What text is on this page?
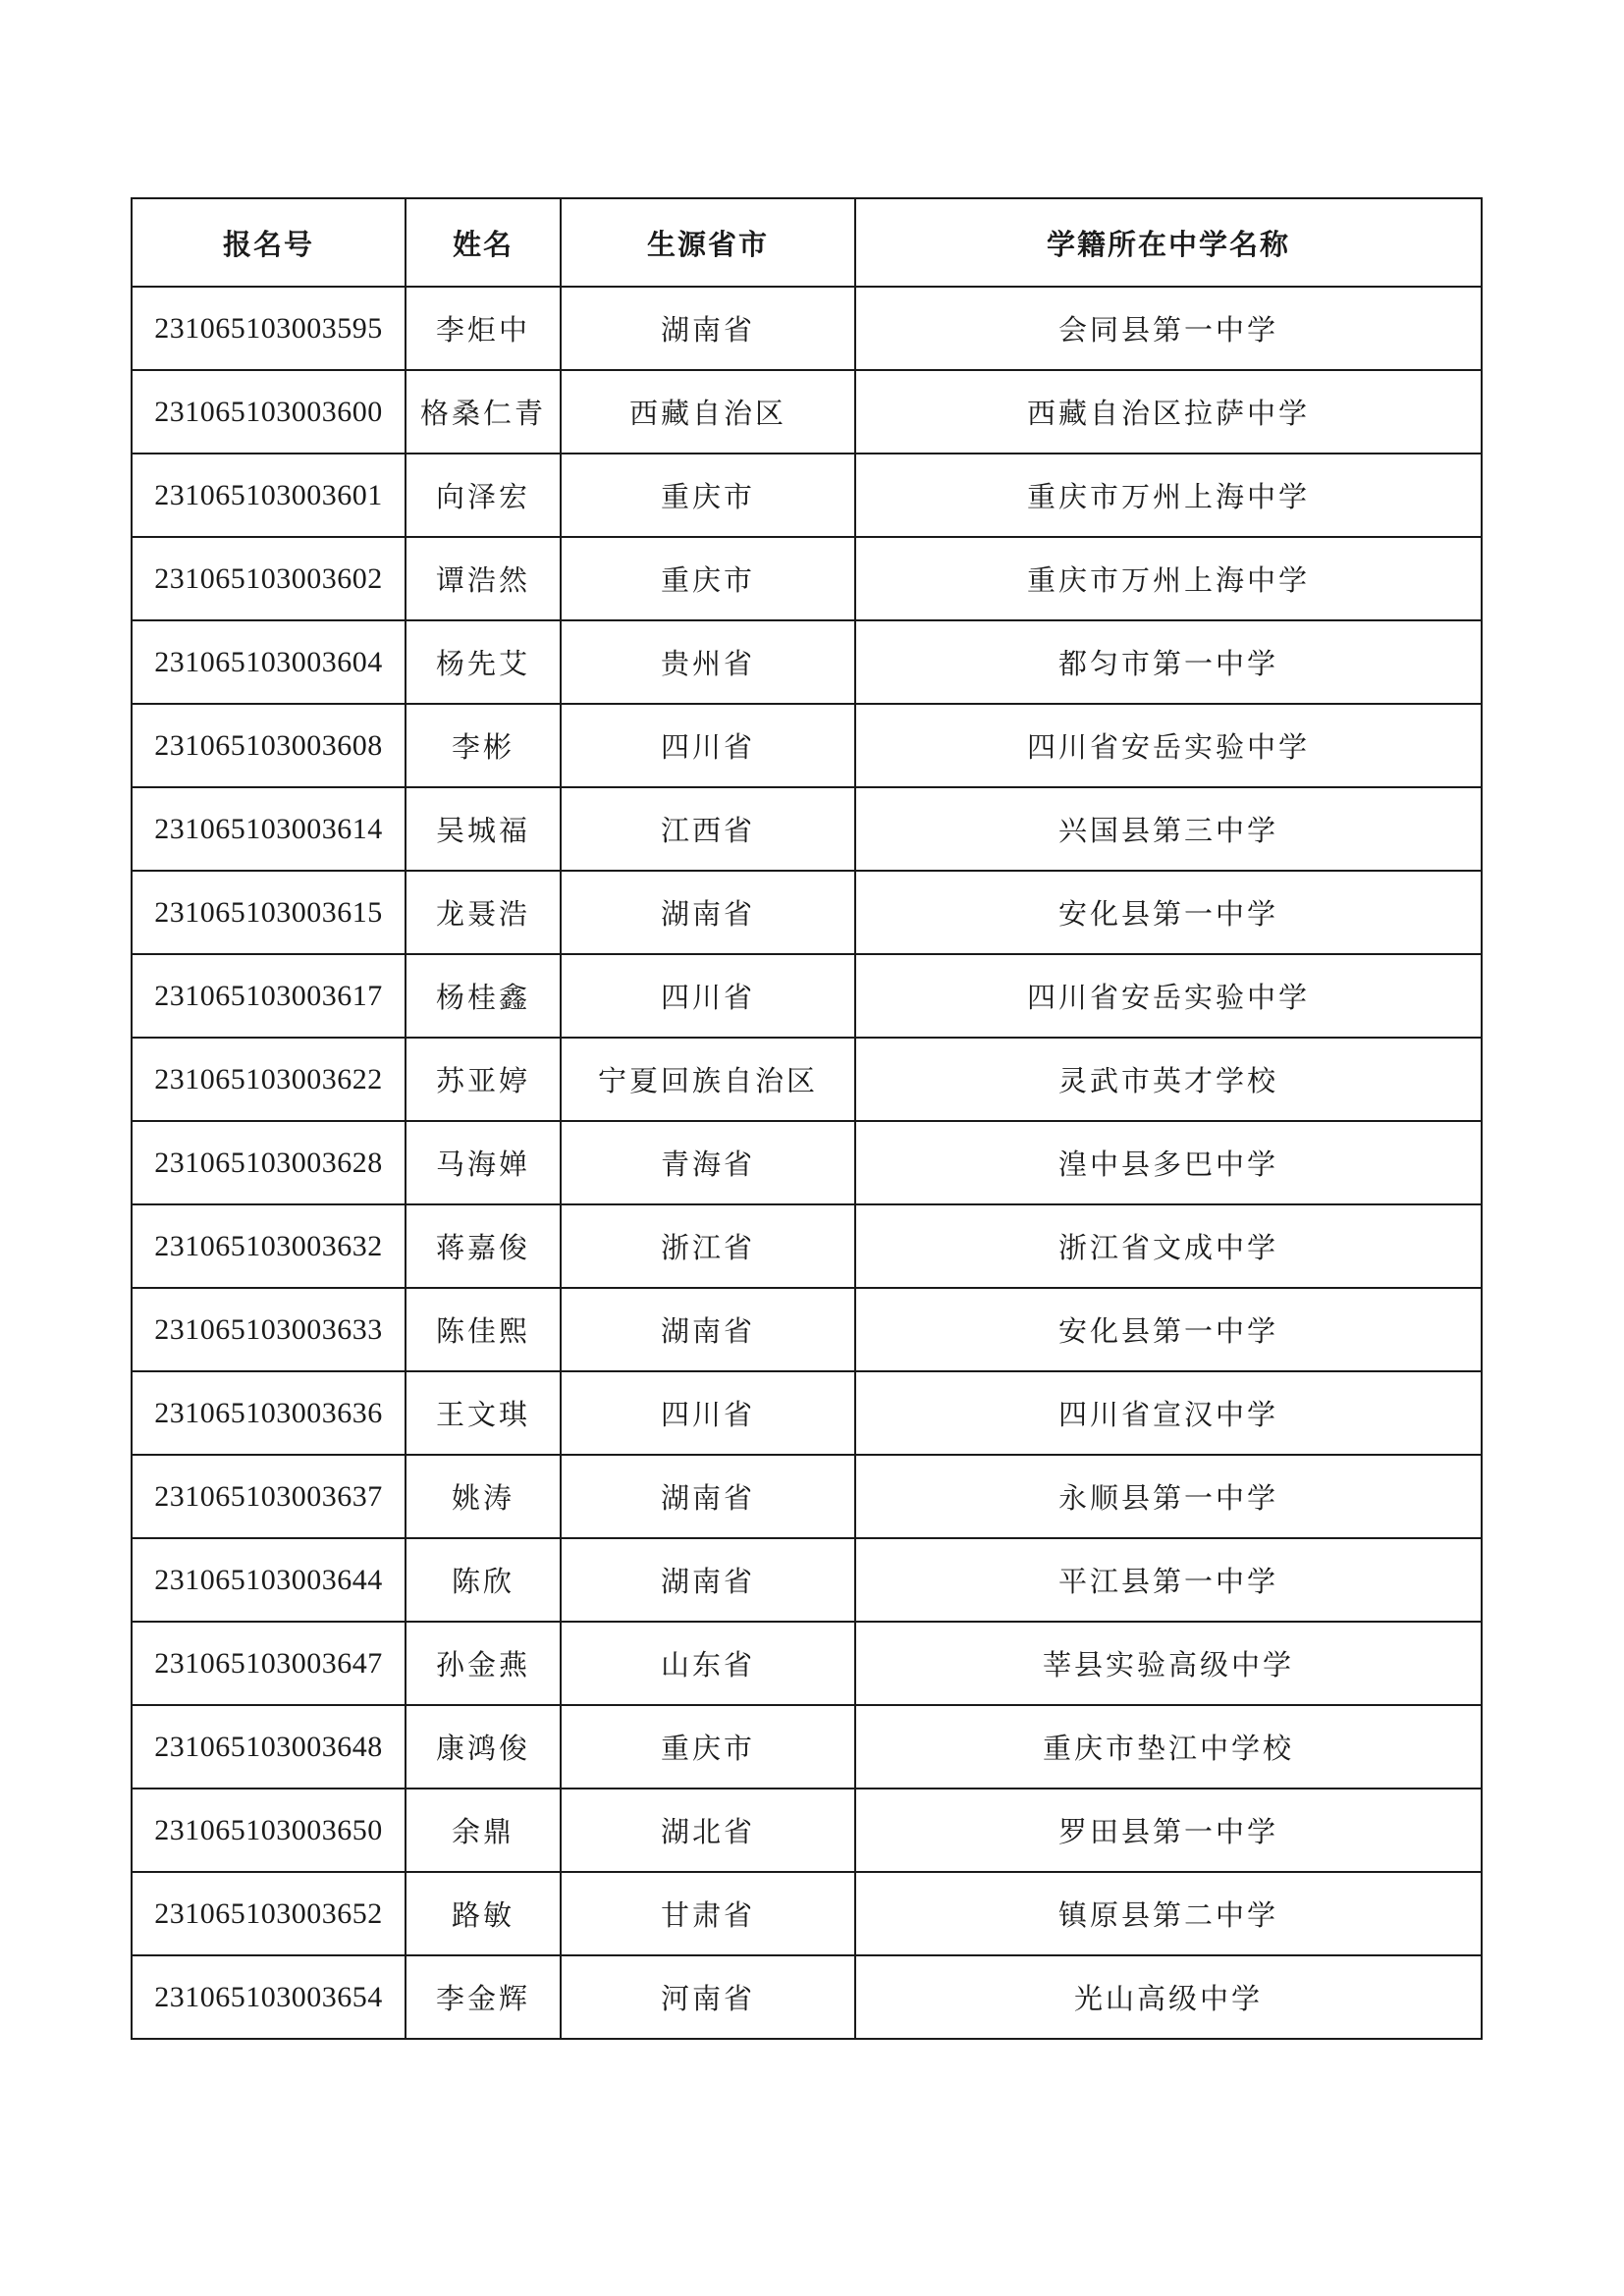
报名号	姓名	生源省市	学籍所在中学名称
231065103003595	李炬中	湖南省	会同县第一中学
231065103003600	格桑仁青	西藏自治区	西藏自治区拉萨中学
231065103003601	向泽宏	重庆市	重庆市万州上海中学
231065103003602	谭浩然	重庆市	重庆市万州上海中学
231065103003604	杨先艾	贵州省	都匀市第一中学
231065103003608	李彬	四川省	四川省安岳实验中学
231065103003614	吴城福	江西省	兴国县第三中学
231065103003615	龙聂浩	湖南省	安化县第一中学
231065103003617	杨桂鑫	四川省	四川省安岳实验中学
231065103003622	苏亚婷	宁夏回族自治区	灵武市英才学校
231065103003628	马海婵	青海省	湟中县多巴中学
231065103003632	蒋嘉俊	浙江省	浙江省文成中学
231065103003633	陈佳熙	湖南省	安化县第一中学
231065103003636	王文琪	四川省	四川省宣汉中学
231065103003637	姚涛	湖南省	永顺县第一中学
231065103003644	陈欣	湖南省	平江县第一中学
231065103003647	孙金燕	山东省	莘县实验高级中学
231065103003648	康鸿俊	重庆市	重庆市垫江中学校
231065103003650	余鼎	湖北省	罗田县第一中学
231065103003652	路敏	甘肃省	镇原县第二中学
231065103003654	李金辉	河南省	光山高级中学
